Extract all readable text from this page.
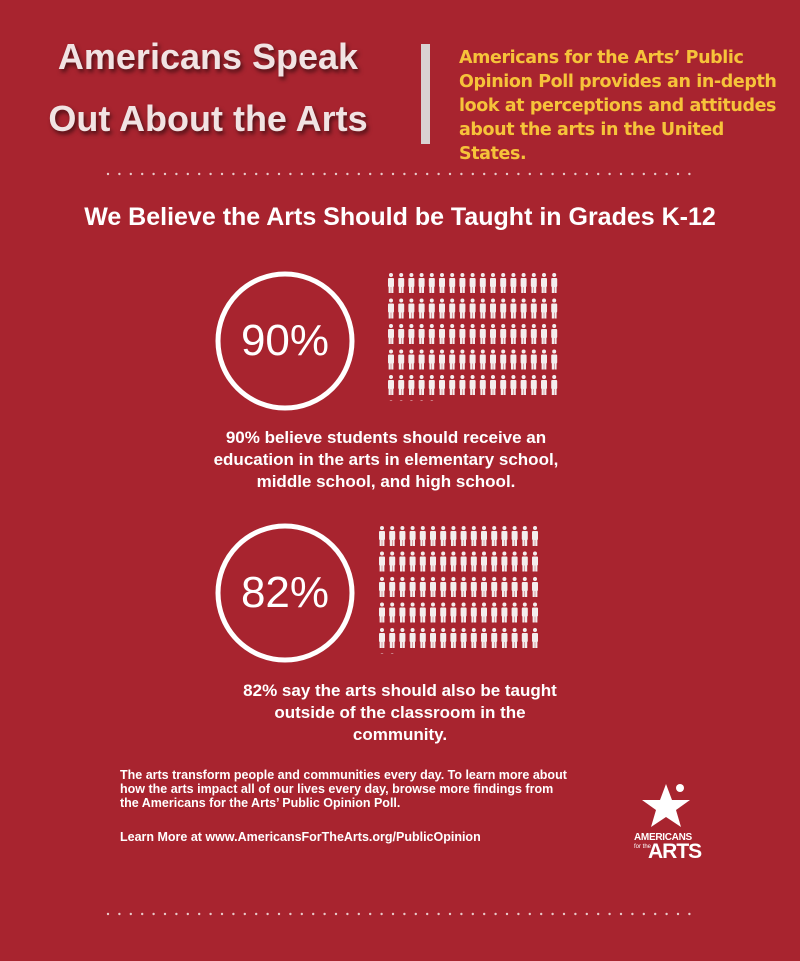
Americans Speak
Out About the Arts
Americans for the Arts’ Public Opinion Poll provides an in-depth look at perceptions and attitudes about the arts in the United States.
We Believe the Arts Should be Taught in Grades K-12
90%
90% believe students should receive an education in the arts in elementary school, middle school, and high school.
82%
82% say the arts should also be taught outside of the classroom in the community.
The arts transform people and communities every day. To learn more about how the arts impact all of our lives every day, browse more findings from the Americans for the Arts’ Public Opinion Poll.
Learn More at www.AmericansForTheArts.org/PublicOpinion	AMERICANS
for the
ARTS
